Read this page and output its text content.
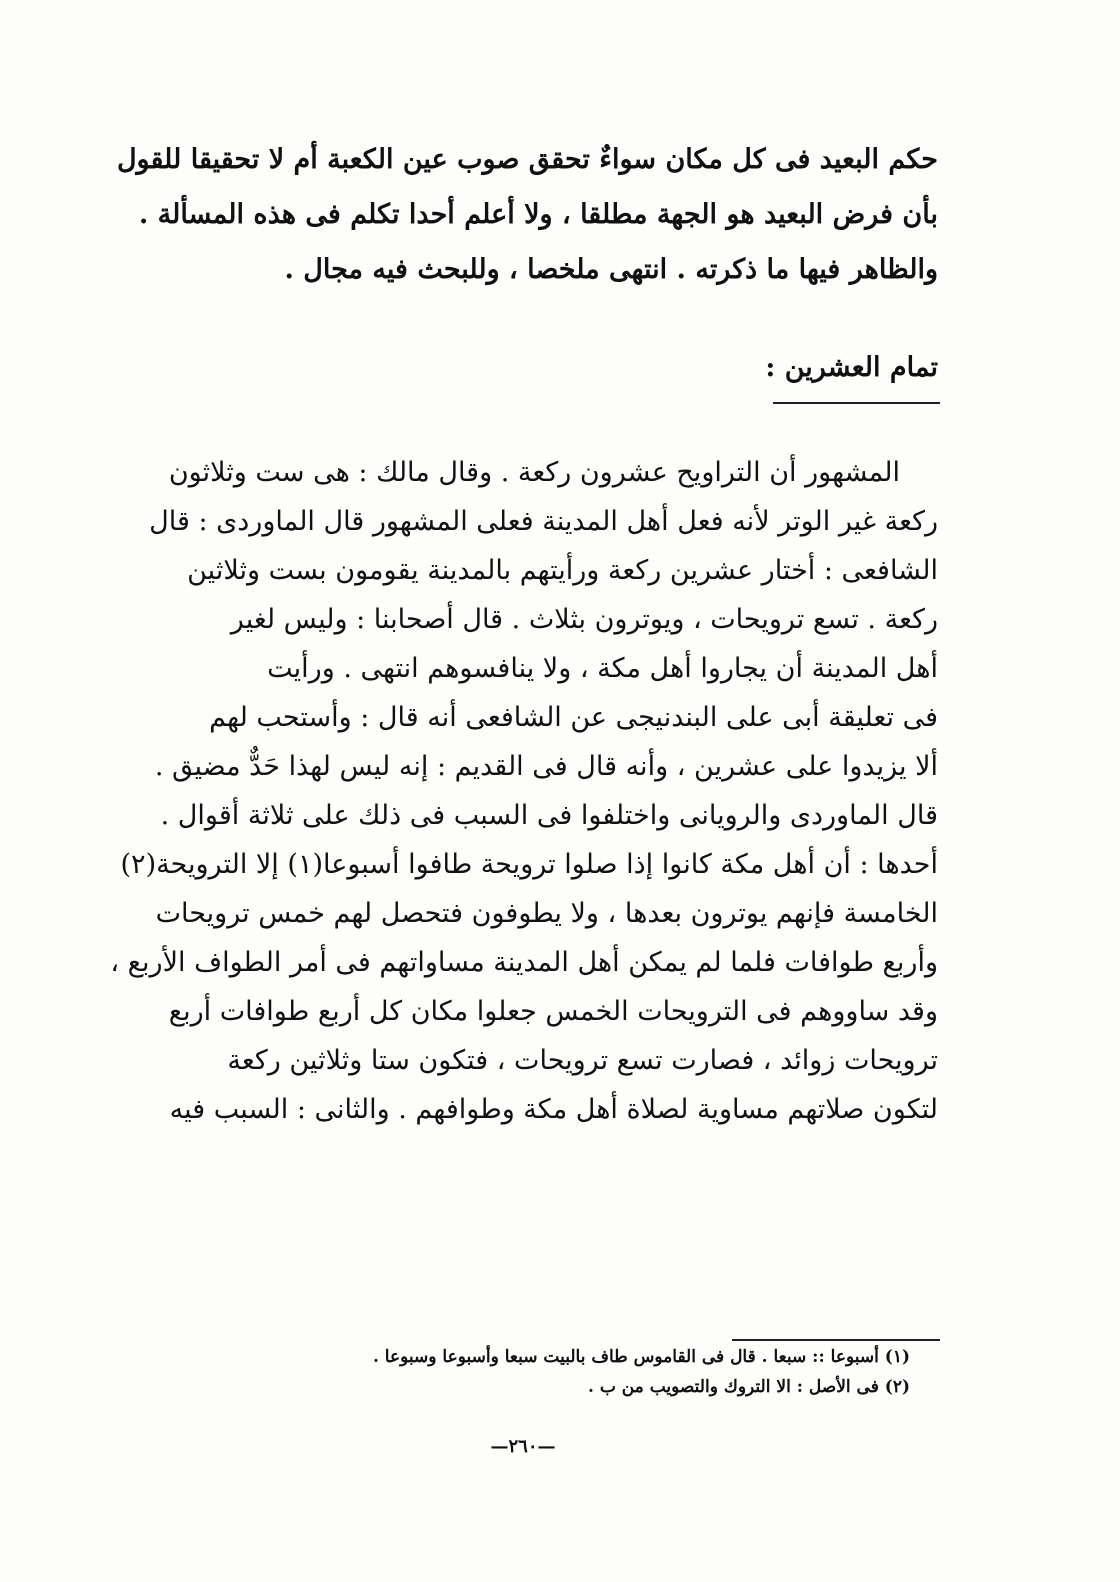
حكم البعيد فى كل مكان سواءٌ تحقق صوب عين الكعبة أم لا تحقيقا للقول
بأن فرض البعيد هو الجهة مطلقا ، ولا أعلم أحدا تكلم فى هذه المسألة .
والظاهر فيها ما ذكرته . انتهى ملخصا ، وللبحث فيه مجال .
تمام العشرين :
المشهور أن التراويح عشرون ركعة . وقال مالك : هى ست وثلاثون
ركعة غير الوتر لأنه فعل أهل المدينة فعلى المشهور قال الماوردى : قال
الشافعى : أختار عشرين ركعة ورأيتهم بالمدينة يقومون بست وثلاثين
ركعة . تسع ترويحات ، ويوترون بثلاث . قال أصحابنا : وليس لغير
أهل المدينة أن يجاروا أهل مكة ، ولا ينافسوهم انتهى . ورأيت
فى تعليقة أبى على البندنيجى عن الشافعى أنه قال : وأستحب لهم
ألا يزيدوا على عشرين ، وأنه قال فى القديم : إنه ليس لهذا حَدٌّ مضيق .
قال الماوردى والرويانى واختلفوا فى السبب فى ذلك على ثلاثة أقوال .
أحدها : أن أهل مكة كانوا إذا صلوا ترويحة طافوا أسبوعا(١) إلا الترويحة(٢)
الخامسة فإنهم يوترون بعدها ، ولا يطوفون فتحصل لهم خمس ترويحات
وأربع طوافات فلما لم يمكن أهل المدينة مساواتهم فى أمر الطواف الأربع ،
وقد ساووهم فى الترويحات الخمس جعلوا مكان كل أربع طوافات أربع
ترويحات زوائد ، فصارت تسع ترويحات ، فتكون ستا وثلاثين ركعة
لتكون صلاتهم مساوية لصلاة أهل مكة وطوافهم . والثانى : السبب فيه
(١) أسبوعا :: سبعا . قال فى القاموس طاف بالبيت سبعا وأسبوعا وسبوعا .
(٢) فى الأصل : الا التروك والتصويب من ب .
—٢٦٠—
